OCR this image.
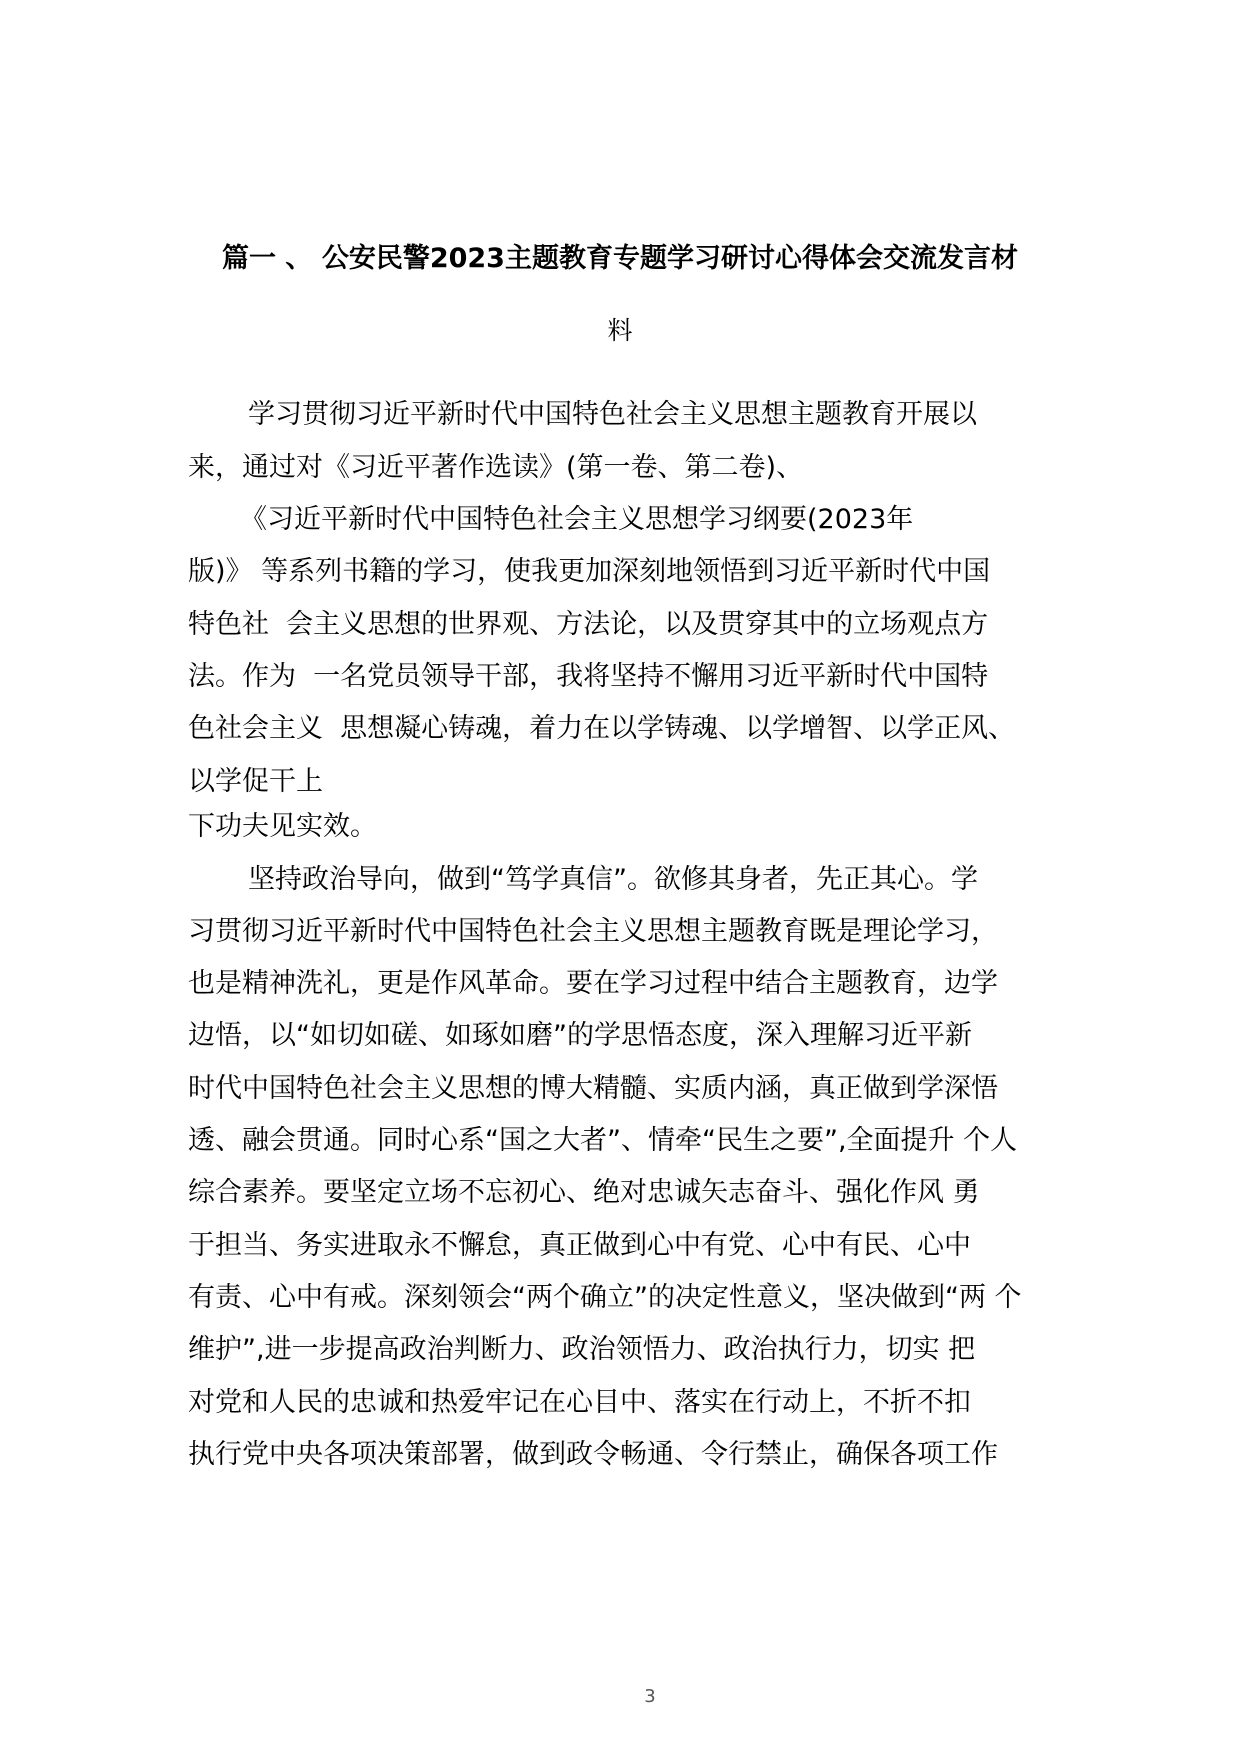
篇一 、 公安民警2023主题教育专题学习研讨心得体会交流发言材
料
学习贯彻习近平新时代中国特色社会主义思想主题教育开展以
来，通过对《习近平著作选读》(第一卷、第二卷)、
《习近平新时代中国特色社会主义思想学习纲要(2023年
版)》 等系列书籍的学习，使我更加深刻地领悟到习近平新时代中国
特色社  会主义思想的世界观、方法论，以及贯穿其中的立场观点方
法。作为  一名党员领导干部，我将坚持不懈用习近平新时代中国特
色社会主义  思想凝心铸魂，着力在以学铸魂、以学增智、以学正风、
以学促干上
下功夫见实效。
坚持政治导向，做到“笃学真信”。欲修其身者，先正其心。学
习贯彻习近平新时代中国特色社会主义思想主题教育既是理论学习，
也是精神洗礼，更是作风革命。要在学习过程中结合主题教育，边学
边悟，以“如切如磋、如琢如磨”的学思悟态度，深入理解习近平新
时代中国特色社会主义思想的博大精髓、实质内涵，真正做到学深悟
透、融会贯通。同时心系“国之大者”、情牵“民生之要”,全面提升 个人
综合素养。要坚定立场不忘初心、绝对忠诚矢志奋斗、强化作风 勇
于担当、务实进取永不懈怠，真正做到心中有党、心中有民、心中
有责、心中有戒。深刻领会“两个确立”的决定性意义，坚决做到“两 个
维护”,进一步提高政治判断力、政治领悟力、政治执行力，切实 把
对党和人民的忠诚和热爱牢记在心目中、落实在行动上，不折不扣
执行党中央各项决策部署，做到政令畅通、令行禁止，确保各项工作
3
